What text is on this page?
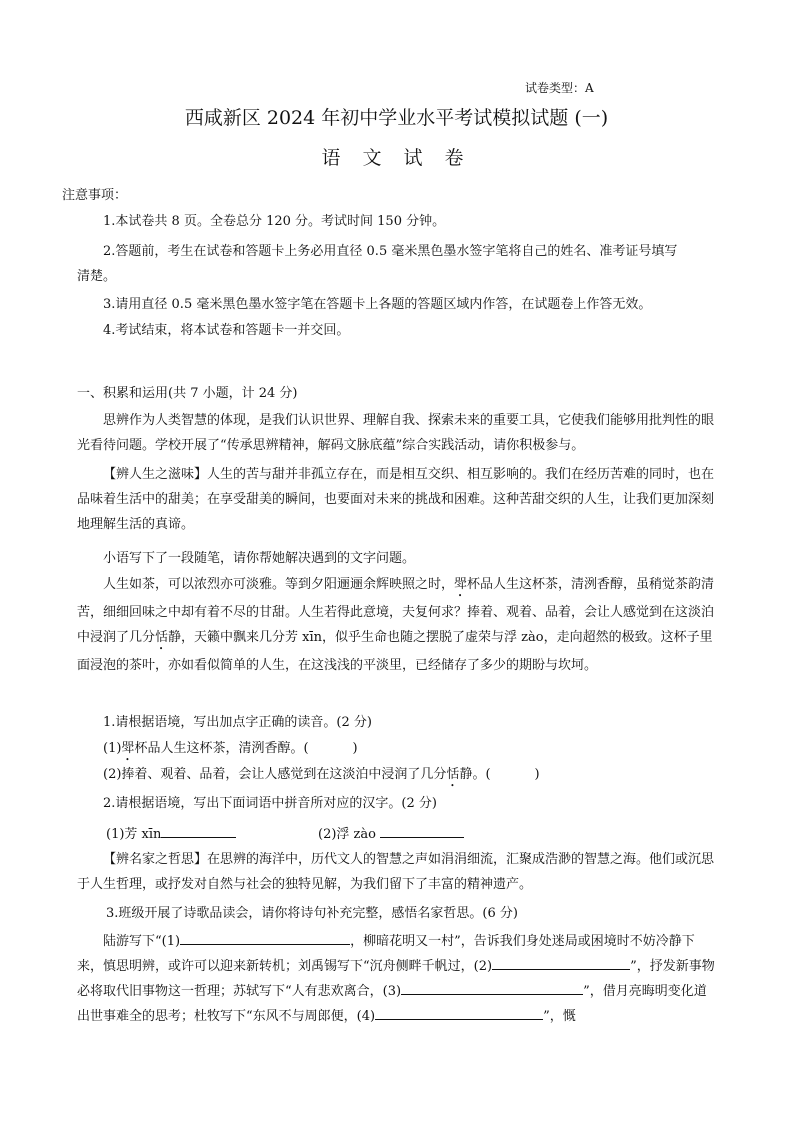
试卷类型：A
西咸新区 2024 年初中学业水平考试模拟试题 (一)
语 文 试 卷
注意事项：
1.本试卷共 8 页。全卷总分 120 分。考试时间 150 分钟。
2.答题前，考生在试卷和答题卡上务必用直径 0.5 毫米黑色墨水签字笔将自己的姓名、准考证号填写
清楚。
3.请用直径 0.5 毫米黑色墨水签字笔在答题卡上各题的答题区域内作答，在试题卷上作答无效。
4.考试结束，将本试卷和答题卡一并交回。
一、积累和运用(共 7 小题，计 24 分)
思辨作为人类智慧的体现，是我们认识世界、理解自我、探索未来的重要工具，它使我们能够用批判性的眼光看待问题。学校开展了“传承思辨精神，解码文脉底蕴”综合实践活动，请你积极参与。
【辨人生之滋味】人生的苦与甜并非孤立存在，而是相互交织、相互影响的。我们在经历苦难的同时，也在品味着生活中的甜美；在享受甜美的瞬间，也要面对未来的挑战和困难。这种苦甜交织的人生，让我们更加深刻地理解生活的真谛。
小语写下了一段随笔，请你帮她解决遇到的文字问题。
人生如茶，可以浓烈亦可淡雅。等到夕阳逦逦余辉映照之时，斝杯品人生这杯茶，清洌香醇，虽稍觉茶韵清苦，细细回味之中却有着不尽的甘甜。人生若得此意境，夫复何求？捧着、观着、品着，会让人感觉到在这淡泊中浸润了几分恬静，天籁中飘来几分芳 xīn，似乎生命也随之摆脱了虚荣与浮 zào，走向超然的极致。这杯子里面浸泡的茶叶，亦如看似简单的人生，在这浅浅的平淡里，已经储存了多少的期盼与坎坷。
1.请根据语境，写出加点字正确的读音。(2 分)
(1)斝杯品人生这杯茶，清洌香醇。(	)
(2)捧着、观着、品着，会让人感觉到在这淡泊中浸润了几分恬静。(	)
2.请根据语境，写出下面词语中拼音所对应的汉字。(2 分)
(1)芳 xīn	(2)浮 zào
【辨名家之哲思】在思辨的海洋中，历代文人的智慧之声如涓涓细流，汇聚成浩渺的智慧之海。他们或沉思于人生哲理，或抒发对自然与社会的独特见解，为我们留下了丰富的精神遗产。
3.班级开展了诗歌品读会，请你将诗句补充完整，感悟名家哲思。(6 分)
陆游写下“(1)	，柳暗花明又一村”，告诉我们身处迷局或困境时不妨冷静下来，慎思明辨，或许可以迎来新转机；刘禹锡写下“沉舟侧畔千帆过，(2)	”，抒发新事物必将取代旧事物这一哲理；苏轼写下“人有悲欢离合，(3)	”，借月亮晦明变化道出世事难全的思考；杜牧写下“东风不与周郎便，(4)	”，慨
